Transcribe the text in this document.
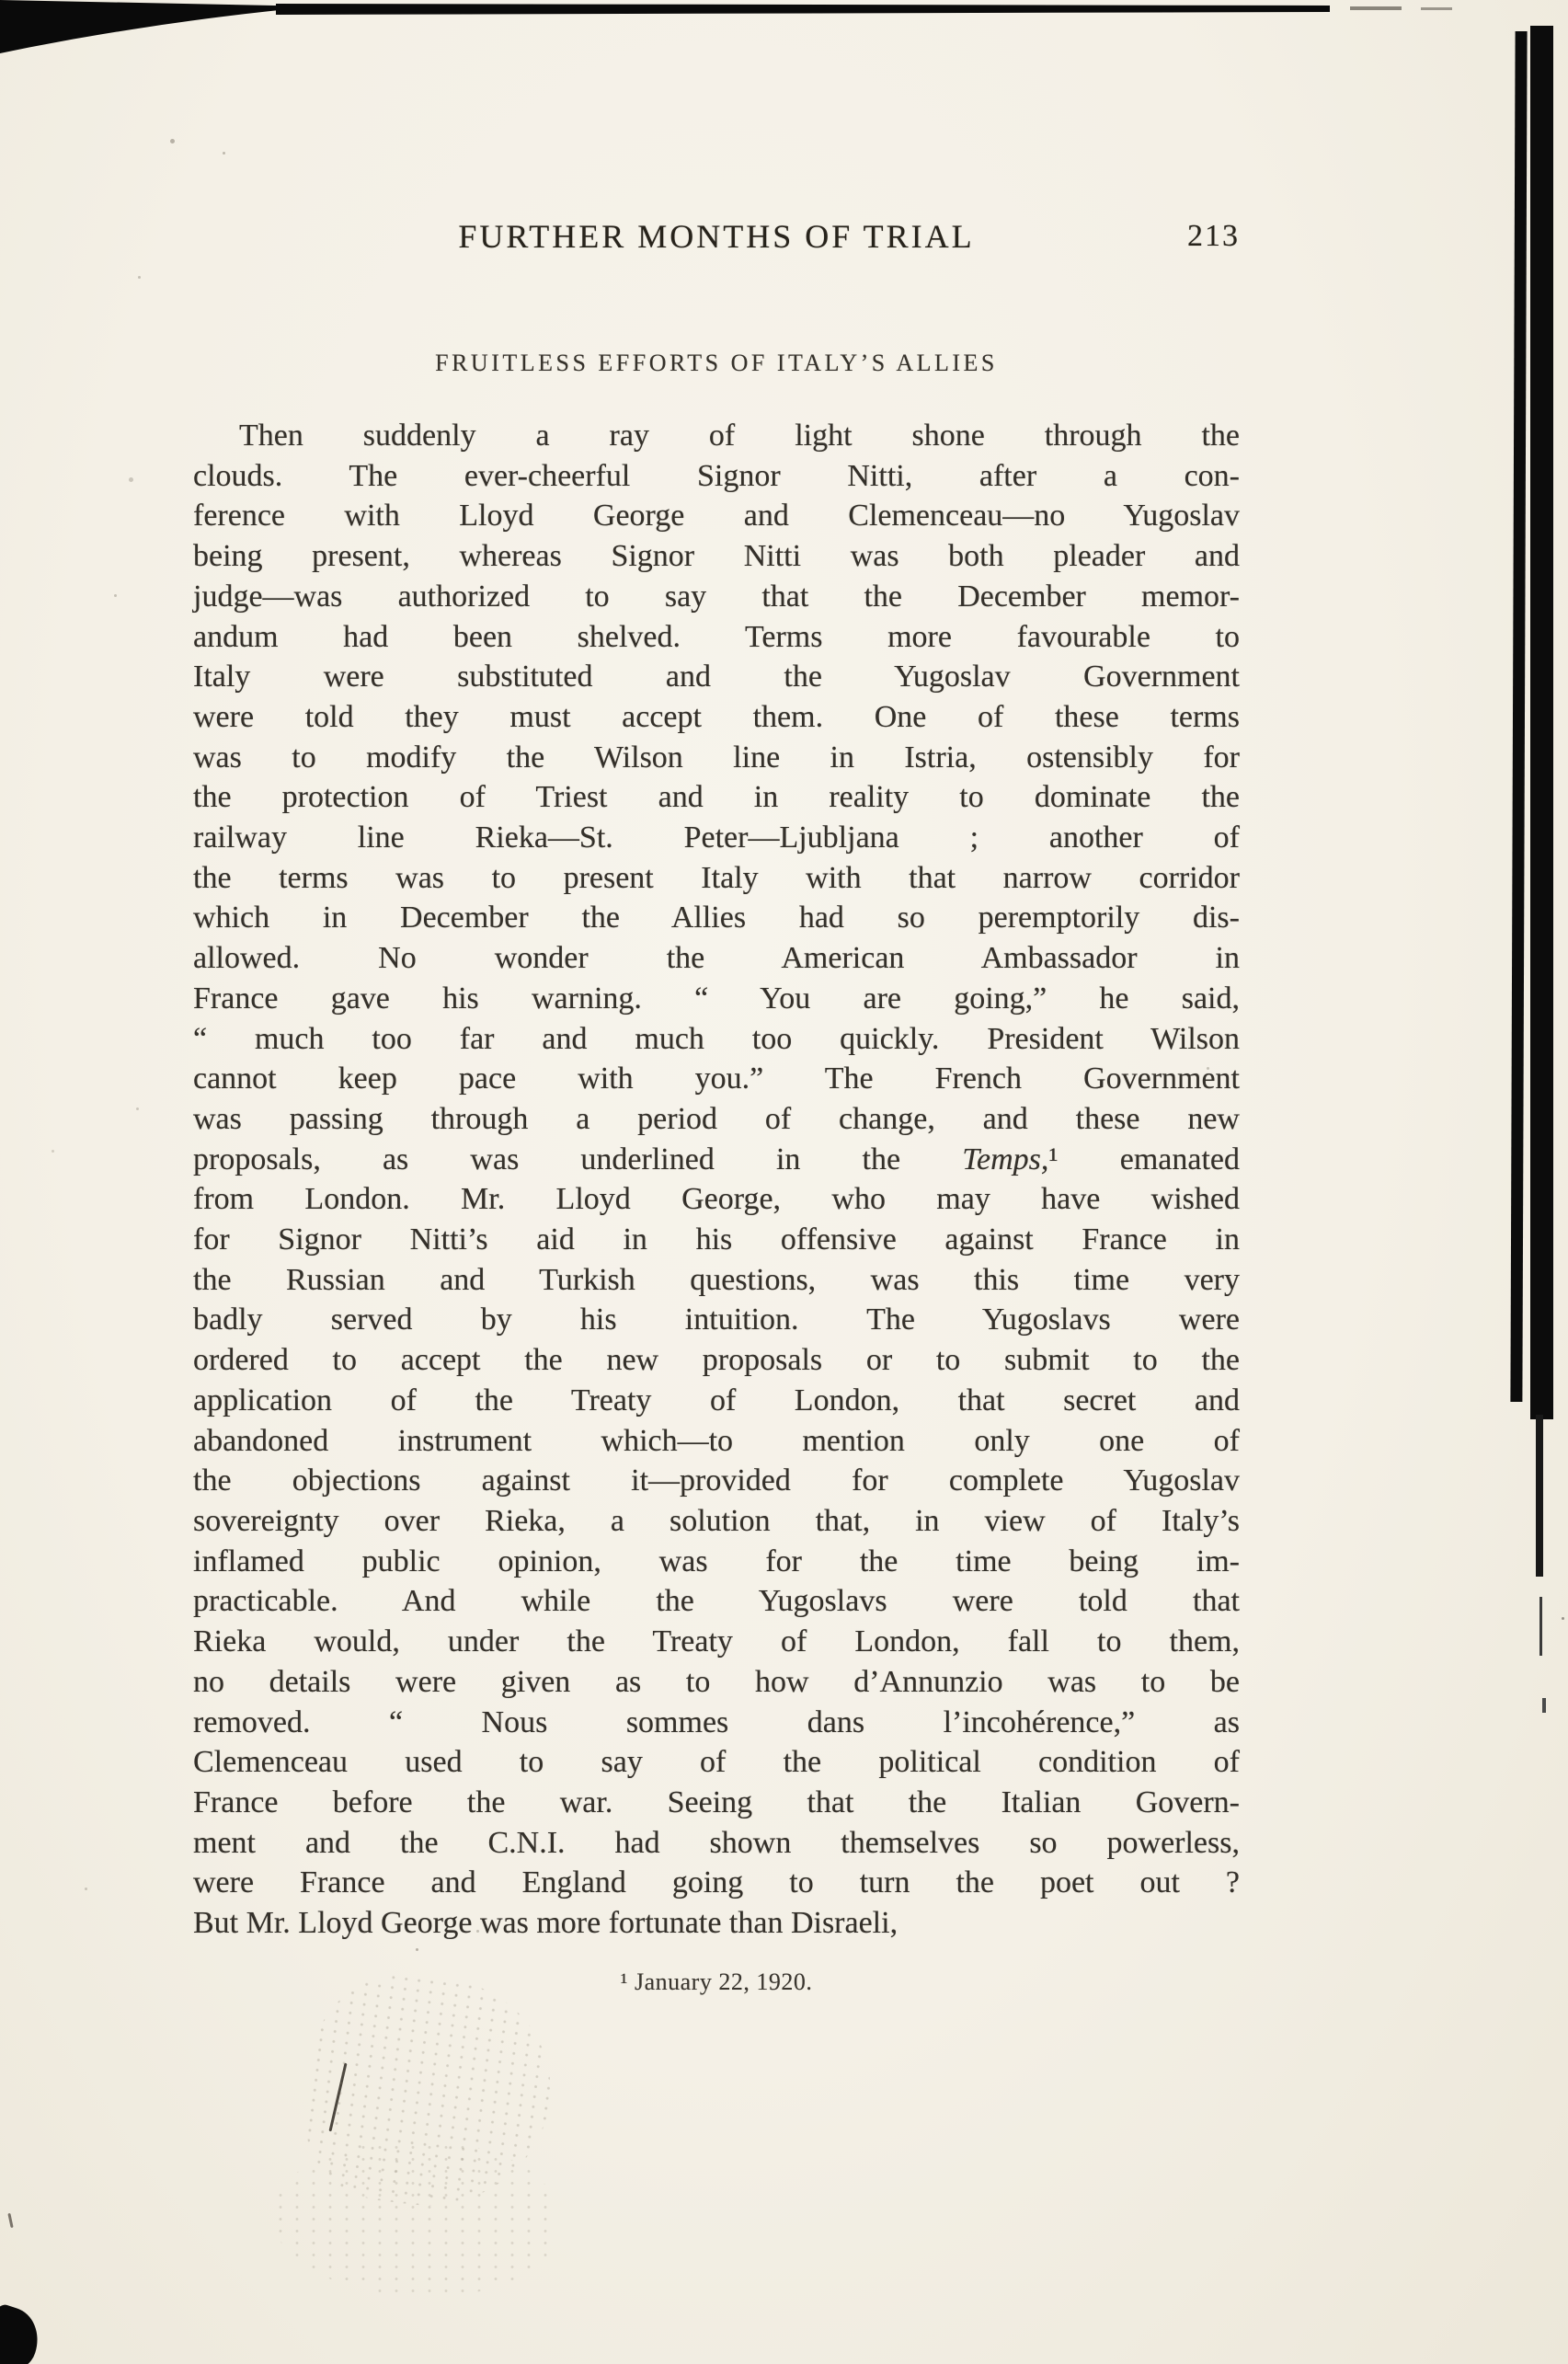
FURTHER MONTHS OF TRIAL	213
FRUITLESS EFFORTS OF ITALY’S ALLIES
Then suddenly a ray of light shone through the
clouds. The ever-cheerful Signor Nitti, after a con-
ference with Lloyd George and Clemenceau—no Yugoslav
being present, whereas Signor Nitti was both pleader and
judge—was authorized to say that the December memor-
andum had been shelved. Terms more favourable to
Italy were substituted and the Yugoslav Government
were told they must accept them. One of these terms
was to modify the Wilson line in Istria, ostensibly for
the protection of Triest and in reality to dominate the
railway line Rieka—St. Peter—Ljubljana ; another of
the terms was to present Italy with that narrow corridor
which in December the Allies had so peremptorily dis-
allowed. No wonder the American Ambassador in
France gave his warning. “ You are going,” he said,
“ much too far and much too quickly. President Wilson
cannot keep pace with you.” The French Government
was passing through a period of change, and these new
proposals, as was underlined in the Temps,¹ emanated
from London. Mr. Lloyd George, who may have wished
for Signor Nitti’s aid in his offensive against France in
the Russian and Turkish questions, was this time very
badly served by his intuition. The Yugoslavs were
ordered to accept the new proposals or to submit to the
application of the Treaty of London, that secret and
abandoned instrument which—to mention only one of
the objections against it—provided for complete Yugoslav
sovereignty over Rieka, a solution that, in view of Italy’s
inflamed public opinion, was for the time being im-
practicable. And while the Yugoslavs were told that
Rieka would, under the Treaty of London, fall to them,
no details were given as to how d’Annunzio was to be
removed. “ Nous sommes dans l’incohérence,” as
Clemenceau used to say of the political condition of
France before the war. Seeing that the Italian Govern-
ment and the C.N.I. had shown themselves so powerless,
were France and England going to turn the poet out ?
But Mr. Lloyd George was more fortunate than Disraeli,
¹ January 22, 1920.
